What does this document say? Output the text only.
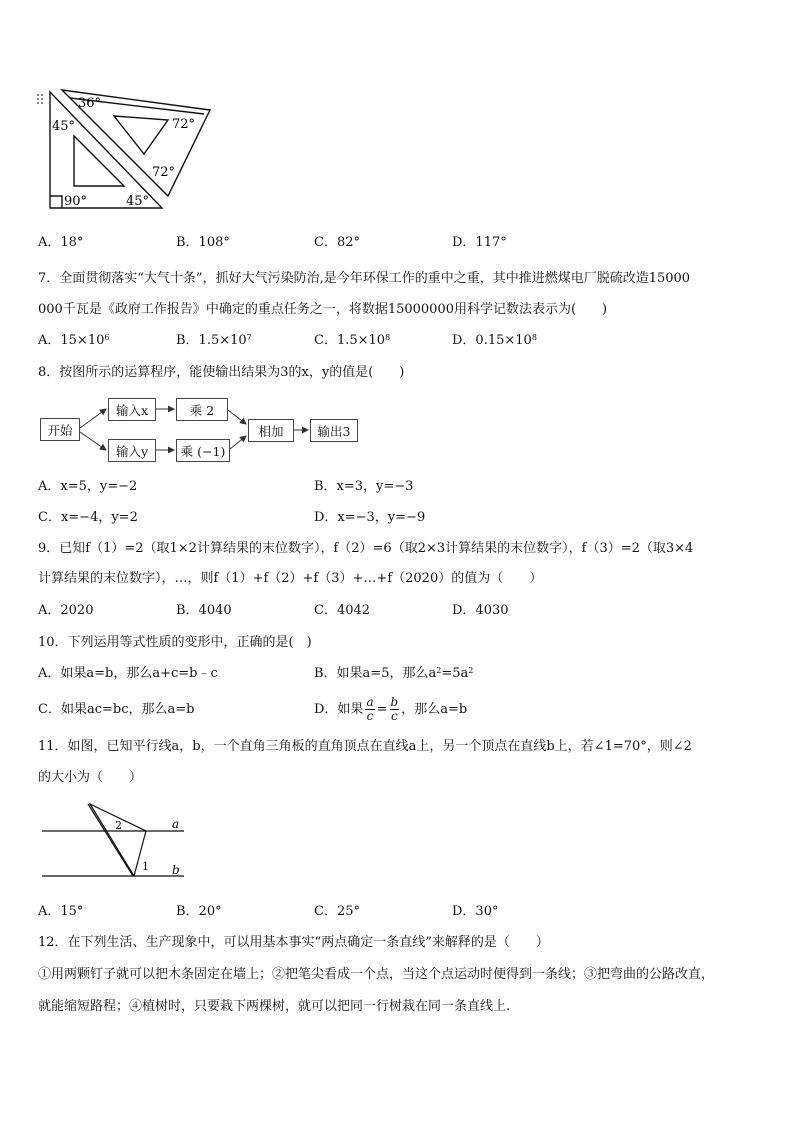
36°
72°
45°
72°
90°	45°
A．18°	B．108°	C．82°	D．117°
7．全面贯彻落实“大气十条”，抓好大气污染防治,是今年环保工作的重中之重，其中推进燃煤电厂脱硫改造15000
000千瓦是《政府工作报告》中确定的重点任务之一，将数据15000000用科学记数法表示为(　　)
A．$15\times 10^6$	B．$1.5\times 10^7$	C．$1.5\times 10^8$	D．$0.15\times 10^8$
8．按图所示的运算程序，能使输出结果为3的x，y的值是(　　)
开始
输入x
输入y
乘 2
乘 (−1)
相加	输出3
A．x=5，y=−2	B．x=3，y=−3
C．x=−4，y=2	D．x=−3，y=−9
9．已知f（1）=2（取1×2计算结果的末位数字），f（2）=6（取2×3计算结果的末位数字），f（3）=2（取3×4
计算结果的末位数字），…，则f（1）+f（2）+f（3）+…+f（2020）的值为（　　）
A．2020	B．4040	C．4042	D．4030
10．下列运用等式性质的变形中，正确的是(　)
A．如果a=b，那么a+c=b﹣c	B．如果a=5，那么$a^2=5a^2$
C．如果ac=bc，那么a=b	D．如果 $\frac{a}{c} = \frac{b}{c}$ ，那么a=b
11．如图，已知平行线a，b，一个直角三角板的直角顶点在直线a上，另一个顶点在直线b上，若∠1=70°，则∠2
的大小为（　　）
a
b
2
1
A．15°	B．20°	C．25°	D．30°
12．在下列生活、生产现象中，可以用基本事实“两点确定一条直线”来解释的是（　　）
①用两颗钉子就可以把木条固定在墙上；②把笔尖看成一个点，当这个点运动时便得到一条线；③把弯曲的公路改直，
就能缩短路程；④植树时，只要栽下两棵树，就可以把同一行树栽在同一条直线上.
